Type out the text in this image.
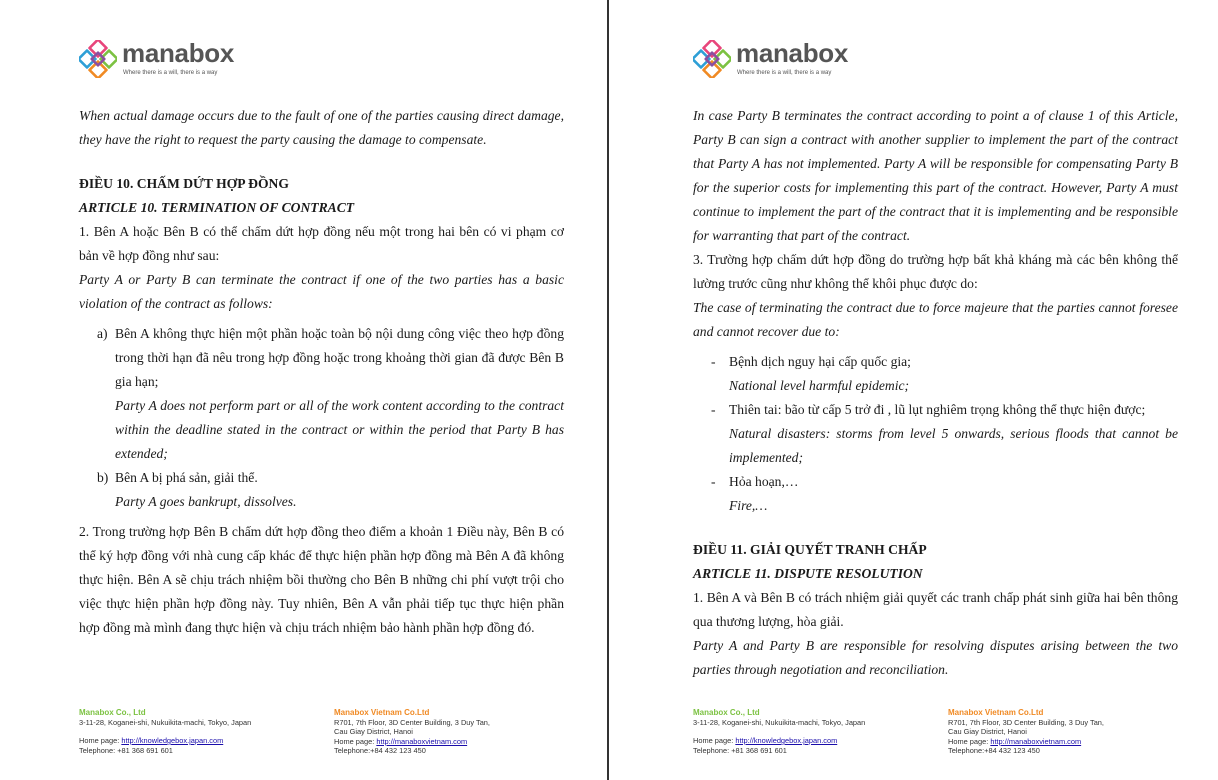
manabox
Where there is a will, there is a way

When actual damage occurs due to the fault of one of the parties causing direct damage, they have the right to request the party causing the damage to compensate.

ĐIỀU 10. CHẤM DỨT HỢP ĐỒNG

ARTICLE 10. TERMINATION OF CONTRACT

1. Bên A hoặc Bên B có thể chấm dứt hợp đồng nếu một trong hai bên có vi phạm cơ bản về hợp đồng như sau:

Party A or Party B can terminate the contract if one of the two parties has a basic violation of the contract as follows:

a) Bên A không thực hiện một phần hoặc toàn bộ nội dung công việc theo hợp đồng trong thời hạn đã nêu trong hợp đồng hoặc trong khoảng thời gian đã được Bên B gia hạn;

Party A does not perform part or all of the work content according to the contract within the deadline stated in the contract or within the period that Party B has extended;

b) Bên A bị phá sản, giải thể.

Party A goes bankrupt, dissolves.

2. Trong trường hợp Bên B chấm dứt hợp đồng theo điểm a khoản 1 Điều này, Bên B có thể ký hợp đồng với nhà cung cấp khác để thực hiện phần hợp đồng mà Bên A đã không thực hiện. Bên A sẽ chịu trách nhiệm bồi thường cho Bên B những chi phí vượt trội cho việc thực hiện phần hợp đồng này. Tuy nhiên, Bên A vẫn phải tiếp tục thực hiện phần hợp đồng mà mình đang thực hiện và chịu trách nhiệm bảo hành phần hợp đồng đó.

Manabox Co., Ltd
3-11-28, Koganei-shi, Nukuikita-machi, Tokyo, Japan
Home page: http://knowledgebox.japan.com
Telephone: +81 368 691 601
Manabox Vietnam Co.Ltd
R701, 7th Floor, 3D Center Building, 3 Duy Tan,
Cau Giay District, Hanoi
Home page: http://manaboxvietnam.com
Telephone:+84 432 123 450
manabox
Where there is a will, there is a way

In case Party B terminates the contract according to point a of clause 1 of this Article, Party B can sign a contract with another supplier to implement the part of the contract that Party A has not implemented. Party A will be responsible for compensating Party B for the superior costs for implementing this part of the contract. However, Party A must continue to implement the part of the contract that it is implementing and be responsible for warranting that part of the contract.

3. Trường hợp chấm dứt hợp đồng do trường hợp bất khả kháng mà các bên không thể lường trước cũng như không thể khôi phục được do:

The case of terminating the contract due to force majeure that the parties cannot foresee and cannot recover due to:

- Bệnh dịch nguy hại cấp quốc gia;

National level harmful epidemic;

- Thiên tai: bão từ cấp 5 trở đi , lũ lụt nghiêm trọng không thể thực hiện được;

Natural disasters: storms from level 5 onwards, serious floods that cannot be implemented;

- Hỏa hoạn,…

Fire,…

ĐIỀU 11. GIẢI QUYẾT TRANH CHẤP

ARTICLE 11. DISPUTE RESOLUTION

1. Bên A và Bên B có trách nhiệm giải quyết các tranh chấp phát sinh giữa hai bên thông qua thương lượng, hòa giải.

Party A and Party B are responsible for resolving disputes arising between the two parties through negotiation and reconciliation.

Manabox Co., Ltd
3-11-28, Koganei-shi, Nukuikita-machi, Tokyo, Japan
Home page: http://knowledgebox.japan.com
Telephone: +81 368 691 601
Manabox Vietnam Co.Ltd
R701, 7th Floor, 3D Center Building, 3 Duy Tan,
Cau Giay District, Hanoi
Home page: http://manaboxvietnam.com
Telephone:+84 432 123 450
